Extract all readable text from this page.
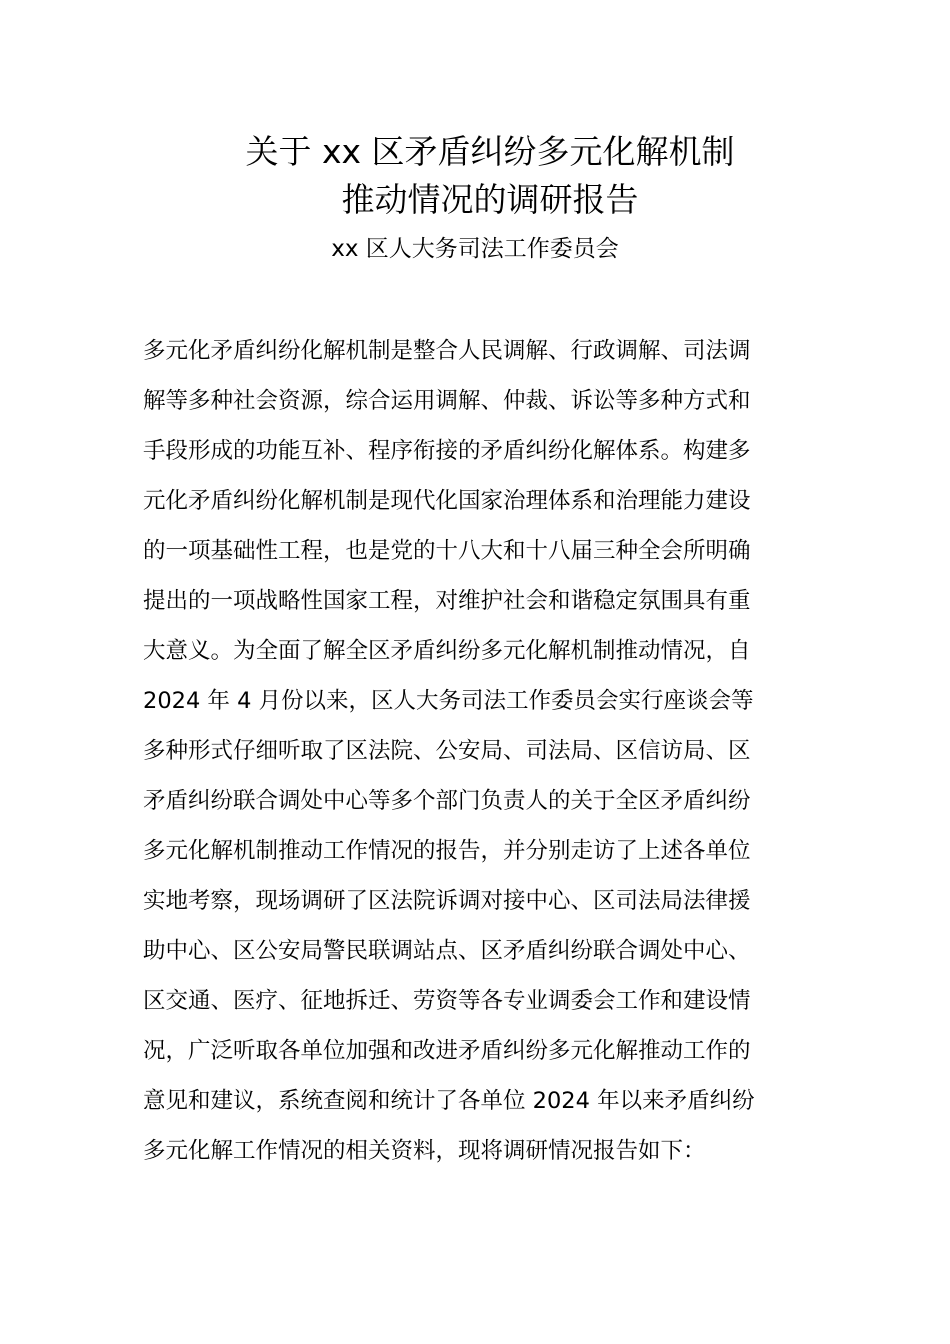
关于 xx 区矛盾纠纷多元化解机制
推动情况的调研报告
xx 区人大务司法工作委员会
多元化矛盾纠纷化解机制是整合人民调解、行政调解、司法调
解等多种社会资源，综合运用调解、仲裁、诉讼等多种方式和
手段形成的功能互补、程序衔接的矛盾纠纷化解体系。构建多
元化矛盾纠纷化解机制是现代化国家治理体系和治理能力建设
的一项基础性工程，也是党的十八大和十八届三种全会所明确
提出的一项战略性国家工程，对维护社会和谐稳定氛围具有重
大意义。为全面了解全区矛盾纠纷多元化解机制推动情况，自
2024 年 4 月份以来，区人大务司法工作委员会实行座谈会等
多种形式仔细听取了区法院、公安局、司法局、区信访局、区
矛盾纠纷联合调处中心等多个部门负责人的关于全区矛盾纠纷
多元化解机制推动工作情况的报告，并分别走访了上述各单位
实地考察，现场调研了区法院诉调对接中心、区司法局法律援
助中心、区公安局警民联调站点、区矛盾纠纷联合调处中心、
区交通、医疗、征地拆迁、劳资等各专业调委会工作和建设情
况，广泛听取各单位加强和改进矛盾纠纷多元化解推动工作的
意见和建议，系统查阅和统计了各单位 2024 年以来矛盾纠纷
多元化解工作情况的相关资料，现将调研情况报告如下：
